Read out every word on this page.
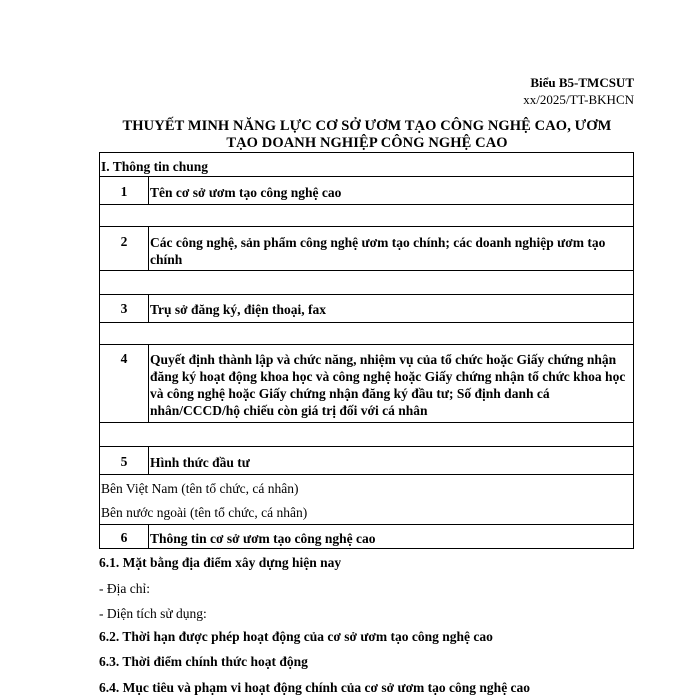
Biểu B5-TMCSUT
xx/2025/TT-BKHCN
THUYẾT MINH NĂNG LỰC CƠ SỞ ƯƠM TẠO CÔNG NGHỆ CAO, ƯƠM
TẠO DOANH NGHIỆP CÔNG NGHỆ CAO
I. Thông tin chung
1	Tên cơ sở ươm tạo công nghệ cao
2	Các công nghệ, sản phẩm công nghệ ươm tạo chính; các doanh nghiệp ươm tạo chính
3	Trụ sở đăng ký, điện thoại, fax
4	Quyết định thành lập và chức năng, nhiệm vụ của tổ chức hoặc Giấy chứng nhận đăng ký hoạt động khoa học và công nghệ hoặc Giấy chứng nhận tổ chức khoa học và công nghệ hoặc Giấy chứng nhận đăng ký đầu tư; Số định danh cá nhân/CCCD/hộ chiếu còn giá trị đối với cá nhân
5	Hình thức đầu tư
Bên Việt Nam (tên tổ chức, cá nhân)
Bên nước ngoài (tên tổ chức, cá nhân)
6	Thông tin cơ sở ươm tạo công nghệ cao
6.1. Mặt bằng địa điểm xây dựng hiện nay
- Địa chỉ:
- Diện tích sử dụng:
6.2. Thời hạn được phép hoạt động của cơ sở ươm tạo công nghệ cao
6.3. Thời điểm chính thức hoạt động
6.4. Mục tiêu và phạm vi hoạt động chính của cơ sở ươm tạo công nghệ cao
